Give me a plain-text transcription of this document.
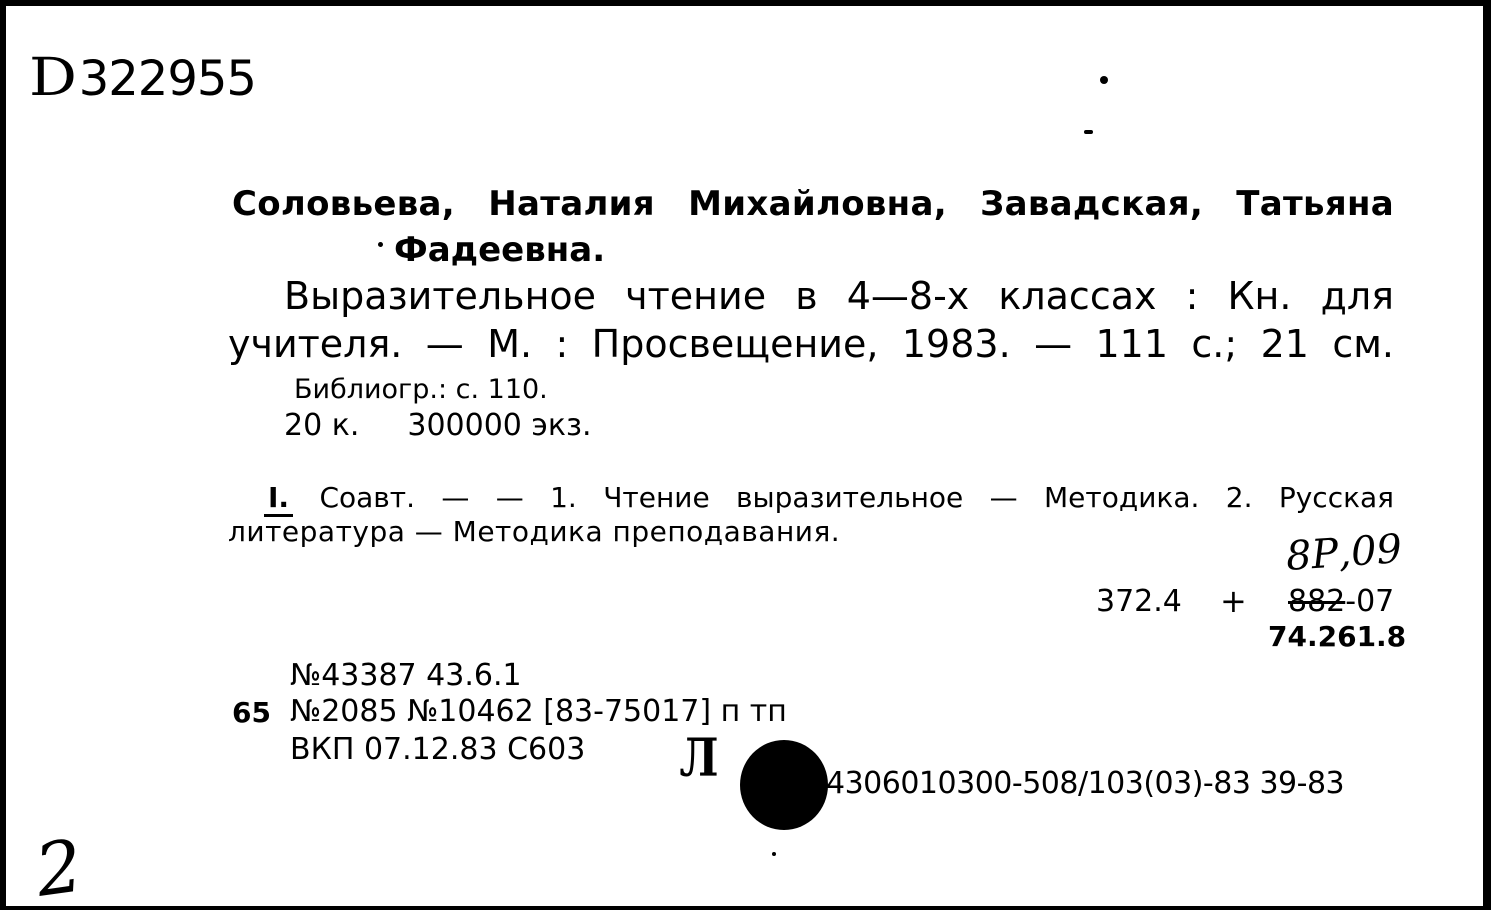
D322955
Соловьева, Наталия Михайловна, Завадская, Татьяна
Фадеевна.
Выразительное чтение в 4—8-х классах : Кн. для
учителя. — М. : Просвещение, 1983. — 111 с.; 21 см.
Библиогр.: с. 110.
20 к. 300000 экз.
I. Соавт. — — 1. Чтение выразительное — Методика. 2. Русская
литература — Методика преподавания.	8Р,09
372.4 + 882-07
74.261.8
№43387 43.6.1
65 №2085 №10462 [83-75017] п тп
ВКП 07.12.83 С603 Л	4306010300-508/103(03)-83 39-83
2
